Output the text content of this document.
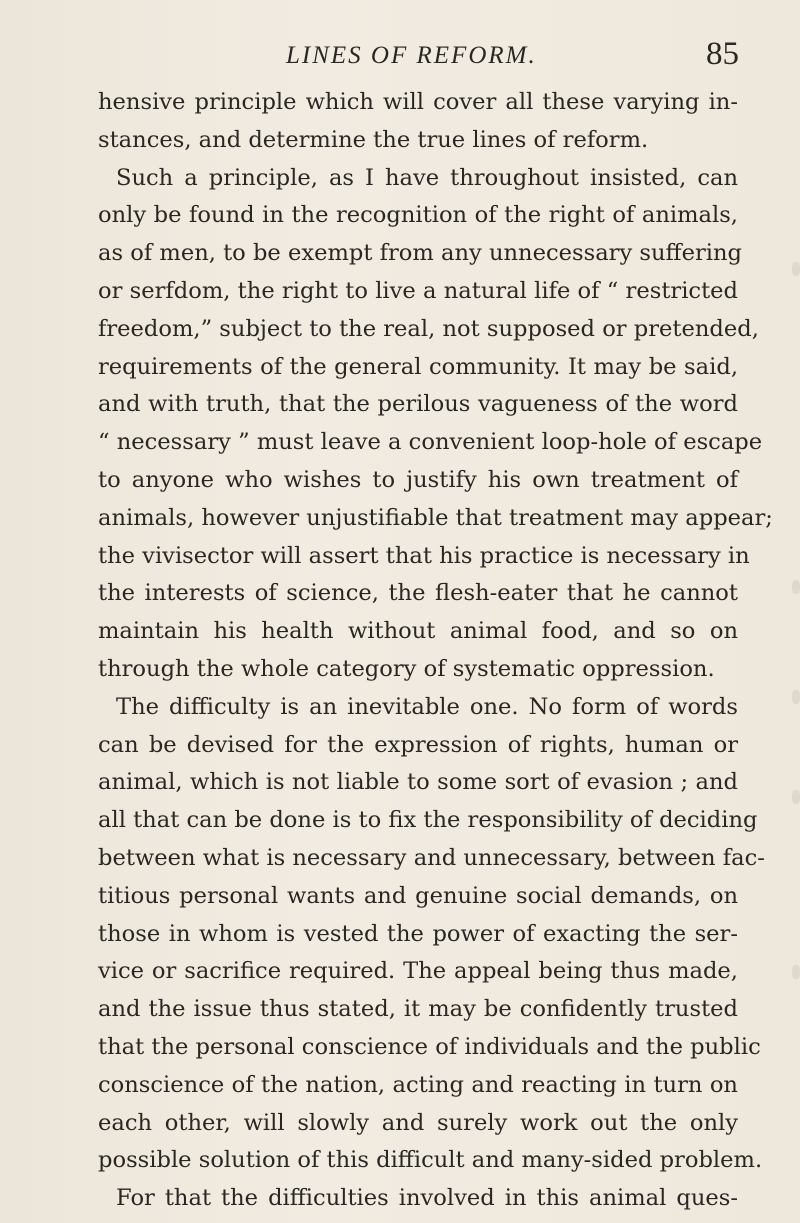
LINES OF REFORM.	85
hensive principle which will cover all these varying in-
stances, and determine the true lines of reform.
Such a principle, as I have throughout insisted, can
only be found in the recognition of the right of animals,
as of men, to be exempt from any unnecessary suffering
or serfdom, the right to live a natural life of “ restricted
freedom,” subject to the real, not supposed or pretended,
requirements of the general community. It may be said,
and with truth, that the perilous vagueness of the word
“ necessary ” must leave a convenient loop-hole of escape
to anyone who wishes to justify his own treatment of
animals, however unjustifiable that treatment may appear;
the vivisector will assert that his practice is necessary in
the interests of science, the flesh-eater that he cannot
maintain his health without animal food, and so on
through the whole category of systematic oppression.
The difficulty is an inevitable one. No form of words
can be devised for the expression of rights, human or
animal, which is not liable to some sort of evasion ; and
all that can be done is to fix the responsibility of deciding
between what is necessary and unnecessary, between fac-
titious personal wants and genuine social demands, on
those in whom is vested the power of exacting the ser-
vice or sacrifice required. The appeal being thus made,
and the issue thus stated, it may be confidently trusted
that the personal conscience of individuals and the public
conscience of the nation, acting and reacting in turn on
each other, will slowly and surely work out the only
possible solution of this difficult and many-sided problem.
For that the difficulties involved in this animal ques-
